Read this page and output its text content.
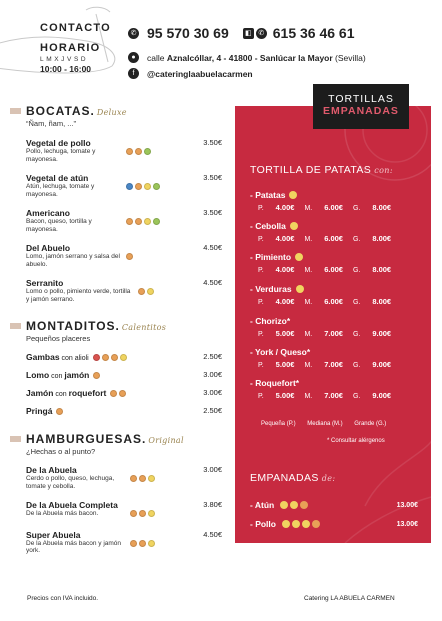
CONTACTO
HORARIO
LMXJVSD
10:00 - 16:00
✆ 95 570 30 69	◧ ✆ 615 36 46 61
●	calle Aznalcóllar, 4 - 41800 - Sanlúcar la Mayor (Sevilla)
f	@cateringlaabuelacarmen
BOCATAS. Deluxe
“Ñam, ñam, ...”
Vegetal de pollo	3.50€
Pollo, lechuga, tomate y mayonesa.
Vegetal de atún	3.50€
Atún, lechuga, tomate y mayonesa.
Americano	3.50€
Bacon, queso, tortilla y mayonesa.
Del Abuelo	4.50€
Lomo, jamón serrano y salsa del abuelo.
Serranito	4.50€
Lomo o pollo, pimiento verde, tortilla y jamón serrano.
MONTADITOS. Calentitos
Pequeños placeres
Gambas con alioli	2.50€
Lomo con jamón	3.00€
Jamón con roquefort	3.00€
Pringá	2.50€
HAMBURGUESAS. Original
¿Hechas o al punto?
De la Abuela	3.00€
Cerdo o pollo, queso, lechuga, tomate y cebolla.
De la Abuela Completa	3.80€
De la Abuela más bacon.
Super Abuela	4.50€
De la Abuela más bacon y jamón york.
Precios con IVA incluido.	Catering LA ABUELA CARMEN
TORTILLA DE PATATAS con:
- Patatas
P. 4.00€ M. 6.00€ G. 8.00€
- Cebolla
P. 4.00€ M. 6.00€ G. 8.00€
- Pimiento
P. 4.00€ M. 6.00€ G. 8.00€
- Verduras
P. 4.00€ M. 6.00€ G. 8.00€
- Chorizo *
P. 5.00€ M. 7.00€ G. 9.00€
- York / Queso *
P. 5.00€ M. 7.00€ G. 9.00€
- Roquefort *
P. 5.00€ M. 7.00€ G. 9.00€
Pequeña (P.) Mediana (M.) Grande (G.)
* Consultar alérgenos
EMPANADAS de:
- Atún	13.00€
- Pollo	13.00€
TORTILLAS
EMPANADAS
